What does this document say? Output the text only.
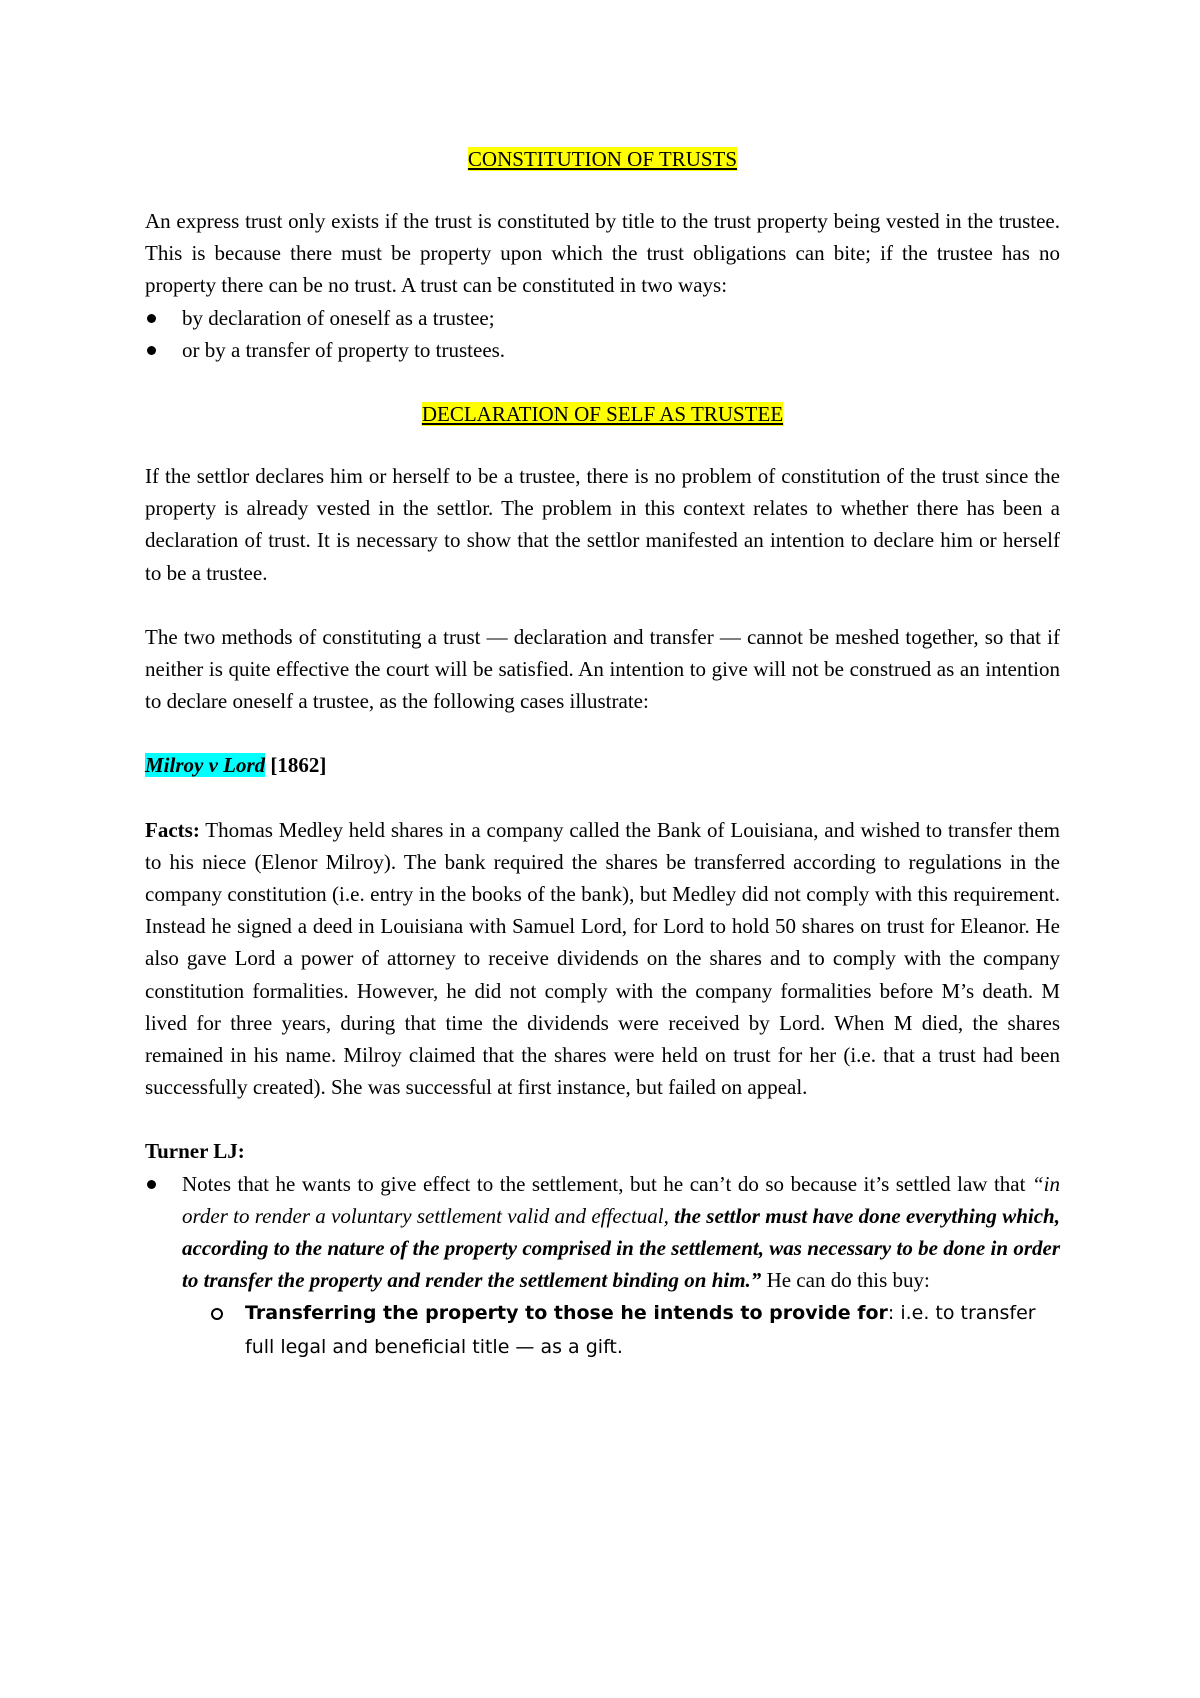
CONSTITUTION OF TRUSTS

An express trust only exists if the trust is constituted by title to the trust property being vested in the trustee. This is because there must be property upon which the trust obligations can bite; if the trustee has no property there can be no trust. A trust can be constituted in two ways:

by declaration of oneself as a trustee;
or by a transfer of property to trustees.
DECLARATION OF SELF AS TRUSTEE

If the settlor declares him or herself to be a trustee, there is no problem of constitution of the trust since the property is already vested in the settlor. The problem in this context relates to whether there has been a declaration of trust. It is necessary to show that the settlor manifested an intention to declare him or herself to be a trustee.

The two methods of constituting a trust — declaration and transfer — cannot be meshed together, so that if neither is quite effective the court will be satisfied. An intention to give will not be construed as an intention to declare oneself a trustee, as the following cases illustrate:

Milroy v Lord [1862]

Facts: Thomas Medley held shares in a company called the Bank of Louisiana, and wished to transfer them to his niece (Elenor Milroy). The bank required the shares be transferred according to regulations in the company constitution (i.e. entry in the books of the bank), but Medley did not comply with this requirement. Instead he signed a deed in Louisiana with Samuel Lord, for Lord to hold 50 shares on trust for Eleanor. He also gave Lord a power of attorney to receive dividends on the shares and to comply with the company constitution formalities. However, he did not comply with the company formalities before M’s death. M lived for three years, during that time the dividends were received by Lord. When M died, the shares remained in his name. Milroy claimed that the shares were held on trust for her (i.e. that a trust had been successfully created). She was successful at first instance, but failed on appeal.

Turner LJ:

Notes that he wants to give effect to the settlement, but he can’t do so because it’s settled law that “in order to render a voluntary settlement valid and effectual, the settlor must have done everything which, according to the nature of the property comprised in the settlement, was necessary to be done in order to transfer the property and render the settlement binding on him.” He can do this buy:
Transferring the property to those he intends to provide for: i.e. to transfer full legal and beneficial title — as a gift.
